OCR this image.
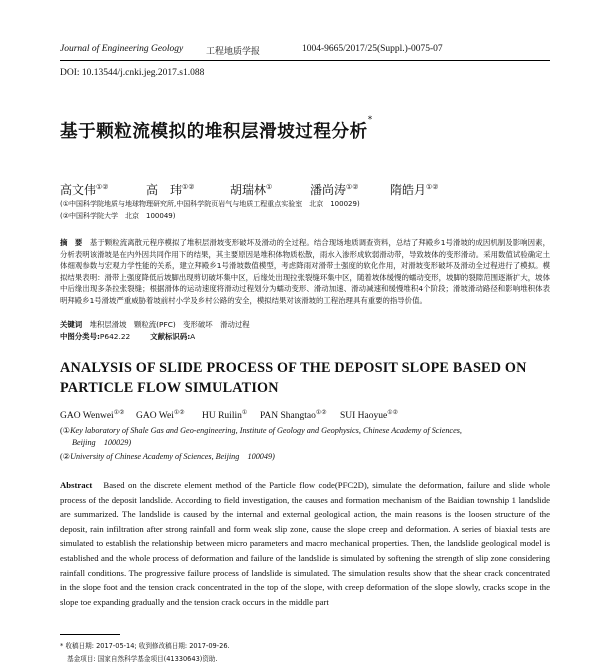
Journal of Engineering Geology	工程地质学报	1004-9665/2017/25(Suppl.)-0075-07
DOI: 10.13544/j.cnki.jeg.2017.s1.088
基于颗粒流模拟的堆积层滑坡过程分析*
高文伟①②	高　玮①②	胡瑞林①	潘尚涛①②	隋皓月①②
(①中国科学院地质与地球物理研究所,中国科学院页岩气与地质工程重点实验室　北京　100029)
(②中国科学院大学　北京　100049)
摘　要　 基于颗粒流离散元程序模拟了堆积层滑坡变形破坏及滑动的全过程。结合现场地质调查资料，总结了拜殿乡1号滑坡的成因机制及影响因素，分析表明该滑坡是在内外因共同作用下的结果，其主要原因是堆积体物质松散，雨水入渗形成软弱滑动带，导致坡体的变形滑动。采用数值试验确定土体细观参数与宏观力学性能的关系，建立拜殿乡1号滑坡数值模型，考虑降雨对滑带土强度的软化作用，对滑坡变形破坏及滑动全过程进行了模拟。模拟结果表明：滑带上强度降低后坡脚出现剪切破坏集中区，后缘处出现拉张裂缝环集中区，随着坡体缓慢的蠕动变形，坡脚的裂隙范围逐渐扩大，坡体中后缘出现多条拉张裂缝；根据滑体的运动速度将滑动过程划分为蠕动变形、滑动加速、滑动减速和缓慢堆积4个阶段；滑坡滑动路径和影响堆积体表明拜殿乡1号滑坡严重威胁着坡前村小学及乡村公路的安全，模拟结果对该滑坡的工程治理具有重要的指导价值。
关键词　 堆积层滑坡　颗粒流(PFC)　变形破坏　滑动过程
中图分类号:P642.22	文献标识码:A
ANALYSIS OF SLIDE PROCESS OF THE DEPOSIT SLOPE BASED ON PARTICLE FLOW SIMULATION
GAO Wenwei①② GAO Wei①② HU Ruilin① PAN Shangtao①② SUI Haoyue①②
(①Key laboratory of Shale Gas and Geo-engineering, Institute of Geology and Geophysics, Chinese Academy of Sciences,
Beijing　100029)
(②University of Chinese Academy of Sciences, Beijing　100049)
Abstract　 Based on the discrete element method of the Particle flow code(PFC2D), simulate the deformation, failure and slide whole process of the deposit landslide. According to field investigation, the causes and formation mechanism of the Baidian township 1 landslide are summarized. The landslide is caused by the internal and external geological action, the main reasons is the loosen structure of the deposit, rain infiltration after strong rainfall and form weak slip zone, cause the slope creep and deformation. A series of biaxial tests are simulated to establish the relationship between micro parameters and macro mechanical properties. Then, the landslide geological model is established and the whole process of deformation and failure of the landslide is simulated by softening the strength of slip zone considering rainfall conditions. The progressive failure process of landslide is simulated. The simulation results show that the shear crack concentrated in the slope foot and the tension crack concentrated in the top of the slope, with creep deformation of the slope slowly, cracks scope in the slope toe expanding gradually and the tension crack occurs in the middle part
* 收稿日期: 2017-05-14; 收到修改稿日期: 2017-09-26.
基金项目: 国家自然科学基金项目(41330643)资助.
